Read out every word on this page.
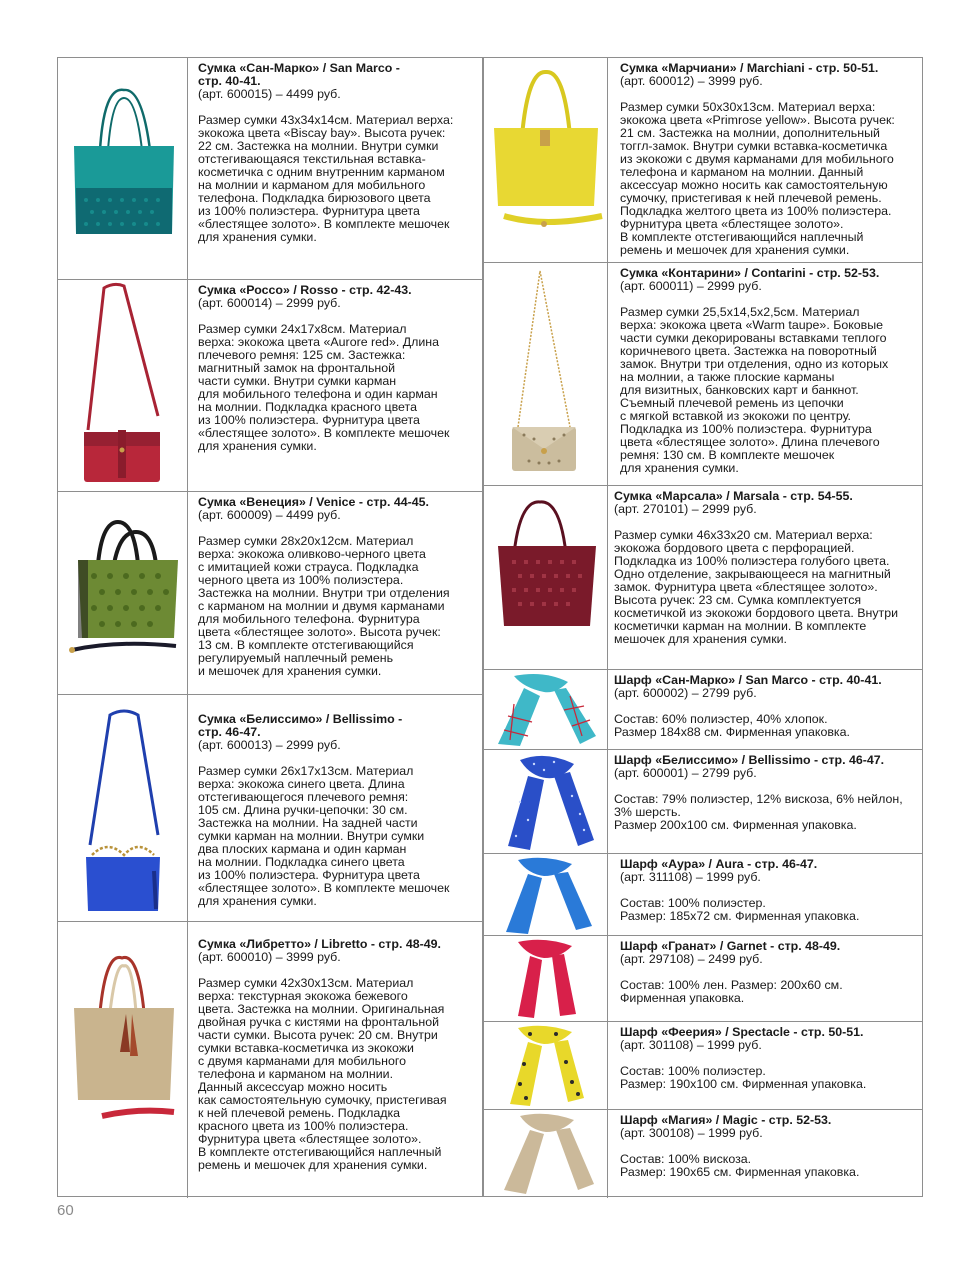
Сумка «Сан-Марко» / San Marco -
стр. 40-41.
(арт. 600015) – 4499 руб.
Размер сумки 43х34х14см. Материал верха:
экокожа цвета «Biscay bay». Высота ручек:
22 см. Застежка на молнии. Внутри сумки
отстегивающаяся текстильная вставка-
косметичка с одним внутренним карманом
на молнии и карманом для мобильного
телефона. Подкладка бирюзового цвета
из 100% полиэстера. Фурнитура цвета
«блестящее золото». В комплекте мешочек
для хранения сумки.
Сумка «Россо» / Rosso - стр. 42-43.
(арт. 600014) – 2999 руб.
Размер сумки 24х17х8см. Материал
верха: экокожа цвета «Aurore red». Длина
плечевого ремня: 125 см. Застежка:
магнитный замок на фронтальной
части сумки. Внутри сумки карман
для мобильного телефона и один карман
на молнии. Подкладка красного цвета
из 100% полиэстера. Фурнитура цвета
«блестящее золото». В комплекте мешочек
для хранения сумки.
Сумка «Венеция» / Venice - стр. 44-45.
(арт. 600009) – 4499 руб.
Размер сумки 28х20х12см. Материал
верха: экокожа оливково-черного цвета
с имитацией кожи страуса. Подкладка
черного цвета из 100% полиэстера.
Застежка на молнии. Внутри три отделения
с карманом на молнии и двумя карманами
для мобильного телефона. Фурнитура
цвета «блестящее золото». Высота ручек:
13 см. В комплекте отстегивающийся
регулируемый наплечный ремень
и мешочек для хранения сумки.
Сумка «Белиссимо» / Bellissimo -
стр. 46-47.
(арт. 600013) – 2999 руб.
Размер сумки 26х17х13см. Материал
верха: экокожа синего цвета. Длина
отстегивающегося плечевого ремня:
105 см. Длина ручки-цепочки: 30 см.
Застежка на молнии. На задней части
сумки карман на молнии. Внутри сумки
два плоских кармана и один карман
на молнии. Подкладка синего цвета
из 100% полиэстера. Фурнитура цвета
«блестящее золото». В комплекте мешочек
для хранения сумки.
Сумка «Либретто» / Libretto - стр. 48-49.
(арт. 600010) – 3999 руб.
Размер сумки 42х30х13см. Материал
верха: текстурная экокожа бежевого
цвета. Застежка на молнии. Оригинальная
двойная ручка с кистями на фронтальной
части сумки. Высота ручек: 20 см. Внутри
сумки вставка-косметичка из экокожи
с двумя карманами для мобильного
телефона и карманом на молнии.
Данный аксессуар можно носить
как самостоятельную сумочку, пристегивая
к ней плечевой ремень. Подкладка
красного цвета из 100% полиэстера.
Фурнитура цвета «блестящее золото».
В комплекте отстегивающийся наплечный
ремень и мешочек для хранения сумки.
Сумка «Марчиани» / Marchiani - стр. 50-51.
(арт. 600012) – 3999 руб.
Размер сумки 50х30х13см. Материал верха:
экокожа цвета «Primrose yellow». Высота ручек:
21 см. Застежка на молнии, дополнительный
тоггл-замок. Внутри сумки вставка-косметичка
из экокожи с двумя карманами для мобильного
телефона и карманом на молнии. Данный
аксессуар можно носить как самостоятельную
сумочку, пристегивая к ней плечевой ремень.
Подкладка желтого цвета из 100% полиэстера.
Фурнитура цвета «блестящее золото».
В комплекте отстегивающийся наплечный
ремень и мешочек для хранения сумки.
Сумка «Контарини» / Contarini - стр. 52-53.
(арт. 600011) – 2999 руб.
Размер сумки 25,5х14,5х2,5см. Материал
верха: экокожа цвета «Warm taupe». Боковые
части сумки декорированы вставками теплого
коричневого цвета. Застежка на поворотный
замок. Внутри три отделения, одно из которых
на молнии, а также плоские карманы
для визитных, банковских карт и банкнот.
Съемный плечевой ремень из цепочки
с мягкой вставкой из экокожи по центру.
Подкладка из 100% полиэстера. Фурнитура
цвета «блестящее золото». Длина плечевого
ремня: 130 см. В комплекте мешочек
для хранения сумки.
Сумка «Марсала» / Marsala - стр. 54-55.
(арт. 270101) – 2999 руб.
Размер сумки 46х33х20 см. Материал верха:
экокожа бордового цвета с перфорацией.
Подкладка из 100% полиэстера голубого цвета.
Одно отделение, закрывающееся на магнитный
замок. Фурнитура цвета «блестящее золото».
Высота ручек: 23 см. Сумка комплектуется
косметичкой из экокожи бордового цвета. Внутри
косметички карман на молнии. В комплекте
мешочек для хранения сумки.
Шарф «Сан-Марко» / San Marco - стр. 40-41.
(арт. 600002) – 2799 руб.
Состав: 60% полиэстер, 40% хлопок.
Размер 184х88 см. Фирменная упаковка.
Шарф «Белиссимо» / Bellissimo - стр. 46-47.
(арт. 600001) – 2799 руб.
Состав: 79% полиэстер, 12% вискоза, 6% нейлон,
3% шерсть.
Размер 200х100 см. Фирменная упаковка.
Шарф «Аура» / Aura - стр. 46-47.
(арт. 311108) – 1999 руб.
Состав: 100% полиэстер.
Размер: 185х72 см. Фирменная упаковка.
Шарф «Гранат» / Garnet - стр. 48-49.
(арт. 297108) – 2499 руб.
Состав: 100% лен. Размер: 200х60 см.
Фирменная упаковка.
Шарф «Феерия» / Spectacle - стр. 50-51.
(арт. 301108) – 1999 руб.
Состав: 100% полиэстер.
Размер: 190х100 см. Фирменная упаковка.
Шарф «Магия» / Magic - стр. 52-53.
(арт. 300108) – 1999 руб.
Состав: 100% вискоза.
Размер: 190х65 см. Фирменная упаковка.
60
